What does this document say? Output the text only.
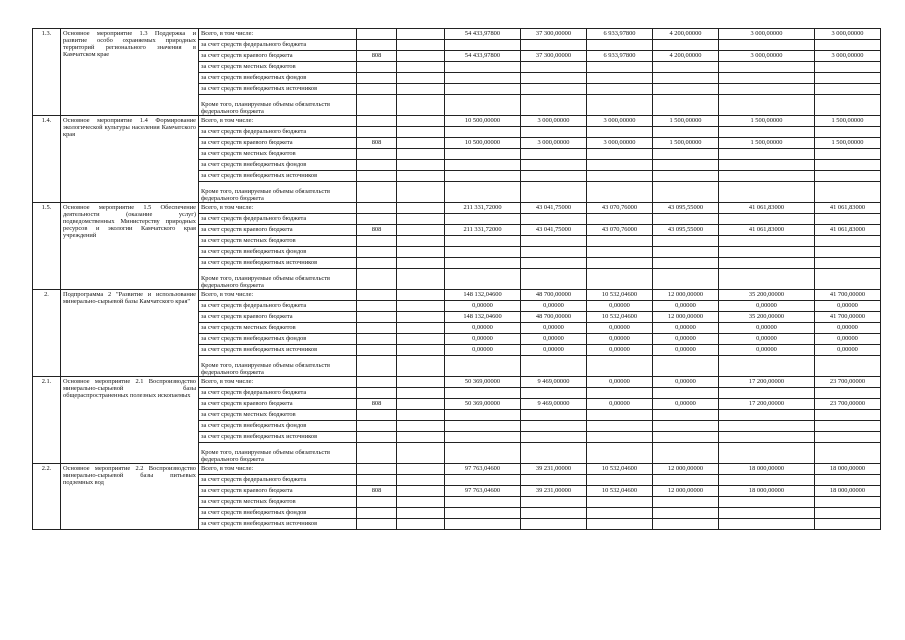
1.3.	Основное мероприятие 1.3 Поддержка и развитие особо охраняемых природных территорий регионального значения в Камчатском крае	Всего, в том числе:			54 433,97800	37 300,00000	6 933,97800	4 200,00000	3 000,00000	3 000,00000
		за счет средств федерального бюджета								
		за счет средств краевого бюджета	808		54 433,97800	37 300,00000	6 933,97800	4 200,00000	3 000,00000	3 000,00000
		за счет средств местных бюджетов								
		за счет средств внебюджетных фондов								
		за счет средств внебюджетных источников								
		Кроме того, планируемые объемы обязательств федерального бюджета								
1.4.	Основное мероприятие 1.4 Формирование экологической культуры населения Камчатского края	Всего, в том числе:			10 500,00000	3 000,00000	3 000,00000	1 500,00000	1 500,00000	1 500,00000
		за счет средств федерального бюджета								
		за счет средств краевого бюджета	808		10 500,00000	3 000,00000	3 000,00000	1 500,00000	1 500,00000	1 500,00000
		за счет средств местных бюджетов								
		за счет средств внебюджетных фондов								
		за счет средств внебюджетных источников								
		Кроме того, планируемые объемы обязательств федерального бюджета								
1.5.	Основное мероприятие 1.5 Обеспечение деятельности (оказание услуг) подведомственных Министерству природных ресурсов и экологии Камчатского края учреждений	Всего, в том числе:			211 331,72000	43 041,75000	43 070,76000	43 095,55000	41 061,83000	41 061,83000
		за счет средств федерального бюджета								
		за счет средств краевого бюджета	808		211 331,72000	43 041,75000	43 070,76000	43 095,55000	41 061,83000	41 061,83000
		за счет средств местных бюджетов								
		за счет средств внебюджетных фондов								
		за счет средств внебюджетных источников								
		Кроме того, планируемые объемы обязательств федерального бюджета								
2.	Подпрограмма 2 "Развитие и использование минерально-сырьевой базы Камчатского края"	Всего, в том числе:			148 132,04600	48 700,00000	10 532,04600	12 000,00000	35 200,00000	41 700,00000
		за счет средств федерального бюджета			0,00000	0,00000	0,00000	0,00000	0,00000	0,00000
		за счет средств краевого бюджета			148 132,04600	48 700,00000	10 532,04600	12 000,00000	35 200,00000	41 700,00000
		за счет средств местных бюджетов			0,00000	0,00000	0,00000	0,00000	0,00000	0,00000
		за счет средств внебюджетных фондов			0,00000	0,00000	0,00000	0,00000	0,00000	0,00000
		за счет средств внебюджетных источников			0,00000	0,00000	0,00000	0,00000	0,00000	0,00000
		Кроме того, планируемые объемы обязательств федерального бюджета								
2.1.	Основное мероприятие 2.1 Воспроизводство минерально-сырьевой базы общераспространенных полезных ископаемых	Всего, в том числе:			50 369,00000	9 469,00000	0,00000	0,00000	17 200,00000	23 700,00000
		за счет средств федерального бюджета								
		за счет средств краевого бюджета	808		50 369,00000	9 469,00000	0,00000	0,00000	17 200,00000	23 700,00000
		за счет средств местных бюджетов								
		за счет средств внебюджетных фондов								
		за счет средств внебюджетных источников								
		Кроме того, планируемые объемы обязательств федерального бюджета								
2.2.	Основное мероприятие 2.2 Воспроизводство минерально-сырьевой базы питьевых подземных вод	Всего, в том числе:			97 763,04600	39 231,00000	10 532,04600	12 000,00000	18 000,00000	18 000,00000
		за счет средств федерального бюджета								
		за счет средств краевого бюджета	808		97 763,04600	39 231,00000	10 532,04600	12 000,00000	18 000,00000	18 000,00000
		за счет средств местных бюджетов								
		за счет средств внебюджетных фондов								
		за счет средств внебюджетных источников								
